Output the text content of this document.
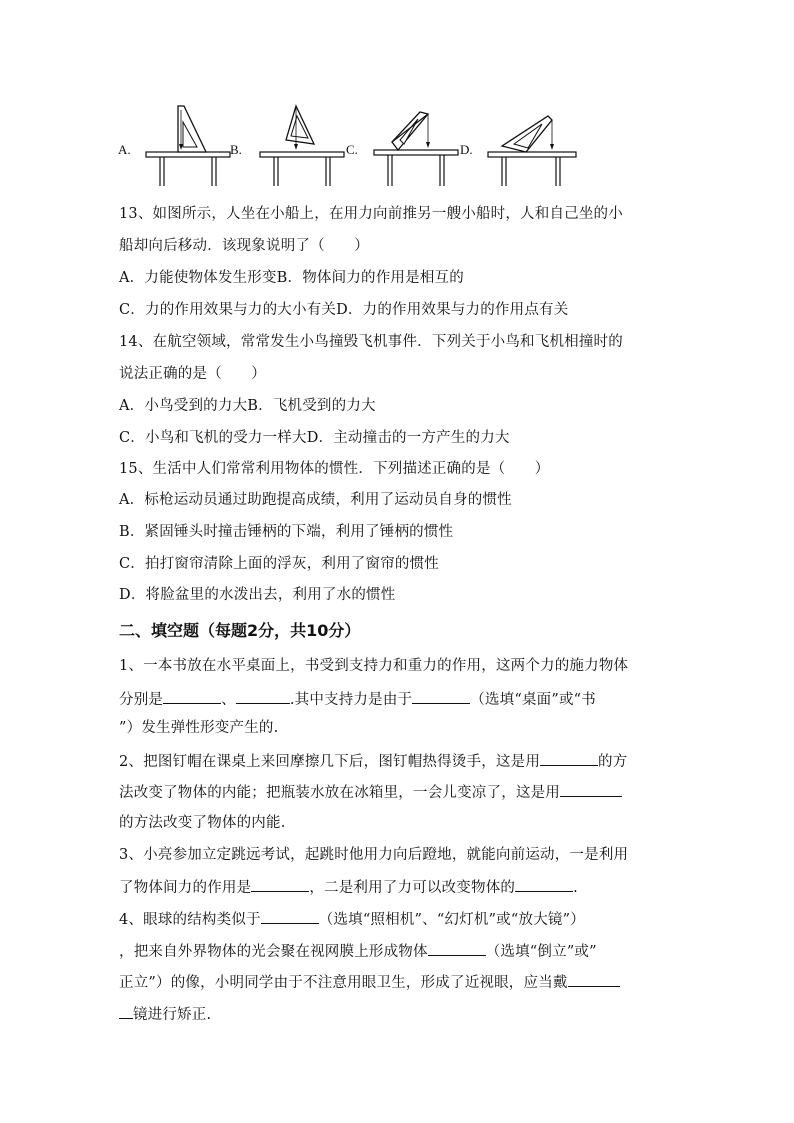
A.	B.	C.	D.
13、如图所示，人坐在小船上，在用力向前推另一艘小船时，人和自己坐的小
船却向后移动．该现象说明了（　　）
A．力能使物体发生形变B．物体间力的作用是相互的
C．力的作用效果与力的大小有关D．力的作用效果与力的作用点有关
14、在航空领域，常常发生小鸟撞毁飞机事件．下列关于小鸟和飞机相撞时的
说法正确的是（　　）
A．小鸟受到的力大B．飞机受到的力大
C．小鸟和飞机的受力一样大D．主动撞击的一方产生的力大
15、生活中人们常常利用物体的惯性．下列描述正确的是（　　）
A．标枪运动员通过助跑提高成绩，利用了运动员自身的惯性
B．紧固锤头时撞击锤柄的下端，利用了锤柄的惯性
C．拍打窗帘清除上面的浮灰，利用了窗帘的惯性
D．将脸盆里的水泼出去，利用了水的惯性
二、填空题（每题2分，共10分）
1、一本书放在水平桌面上，书受到支持力和重力的作用，这两个力的施力物体
分别是	、	.其中支持力是由于	（选填“桌面”或“书
”）发生弹性形变产生的.
2、把图钉帽在课桌上来回摩擦几下后，图钉帽热得烫手，这是用	的方
法改变了物体的内能；把瓶装水放在冰箱里，一会儿变凉了，这是用
的方法改变了物体的内能.
3、小亮参加立定跳远考试，起跳时他用力向后蹬地，就能向前运动，一是利用
了物体间力的作用是	，二是利用了力可以改变物体的	.
4、眼球的结构类似于	（选填“照相机”、“幻灯机”或“放大镜”）
，把来自外界物体的光会聚在视网膜上形成物体	（选填“倒立”或”
正立”）的像，小明同学由于不注意用眼卫生，形成了近视眼，应当戴
镜进行矫正.
